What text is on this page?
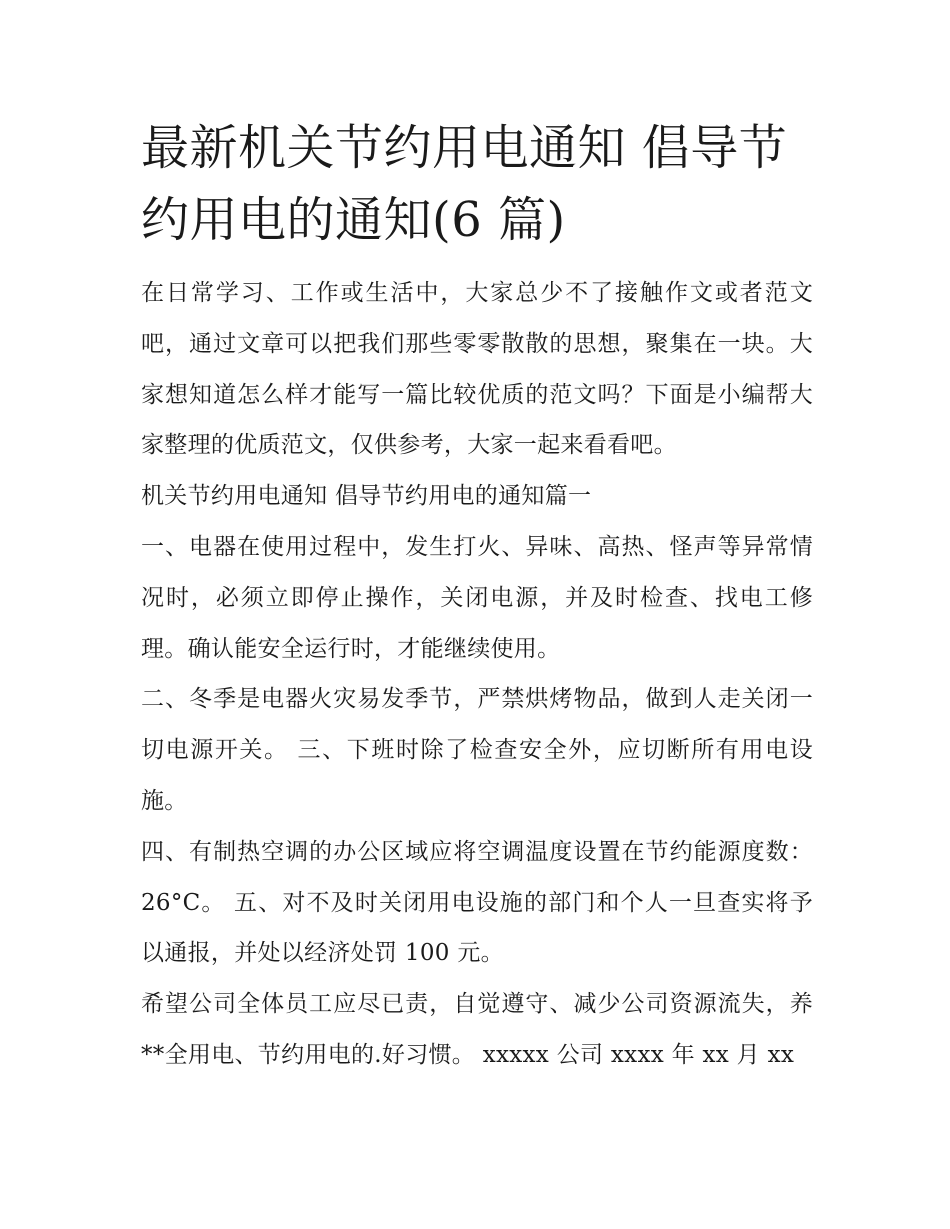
最新机关节约用电通知 倡导节约用电的通知(6 篇)

在日常学习、工作或生活中，大家总少不了接触作文或者范文吧，通过文章可以把我们那些零零散散的思想，聚集在一块。大家想知道怎么样才能写一篇比较优质的范文吗？下面是小编帮大家整理的优质范文，仅供参考，大家一起来看看吧。

机关节约用电通知 倡导节约用电的通知篇一

一、电器在使用过程中，发生打火、异味、高热、怪声等异常情况时，必须立即停止操作，关闭电源，并及时检查、找电工修理。确认能安全运行时，才能继续使用。

二、冬季是电器火灾易发季节，严禁烘烤物品，做到人走关闭一切电源开关。 三、下班时除了检查安全外，应切断所有用电设施。

四、有制热空调的办公区域应将空调温度设置在节约能源度数：26°C。 五、对不及时关闭用电设施的部门和个人一旦查实将予以通报，并处以经济处罚 100 元。

希望公司全体员工应尽已责，自觉遵守、减少公司资源流失，养**全用电、节约用电的.好习惯。 xxxxx 公司 xxxx 年 xx 月 xx
